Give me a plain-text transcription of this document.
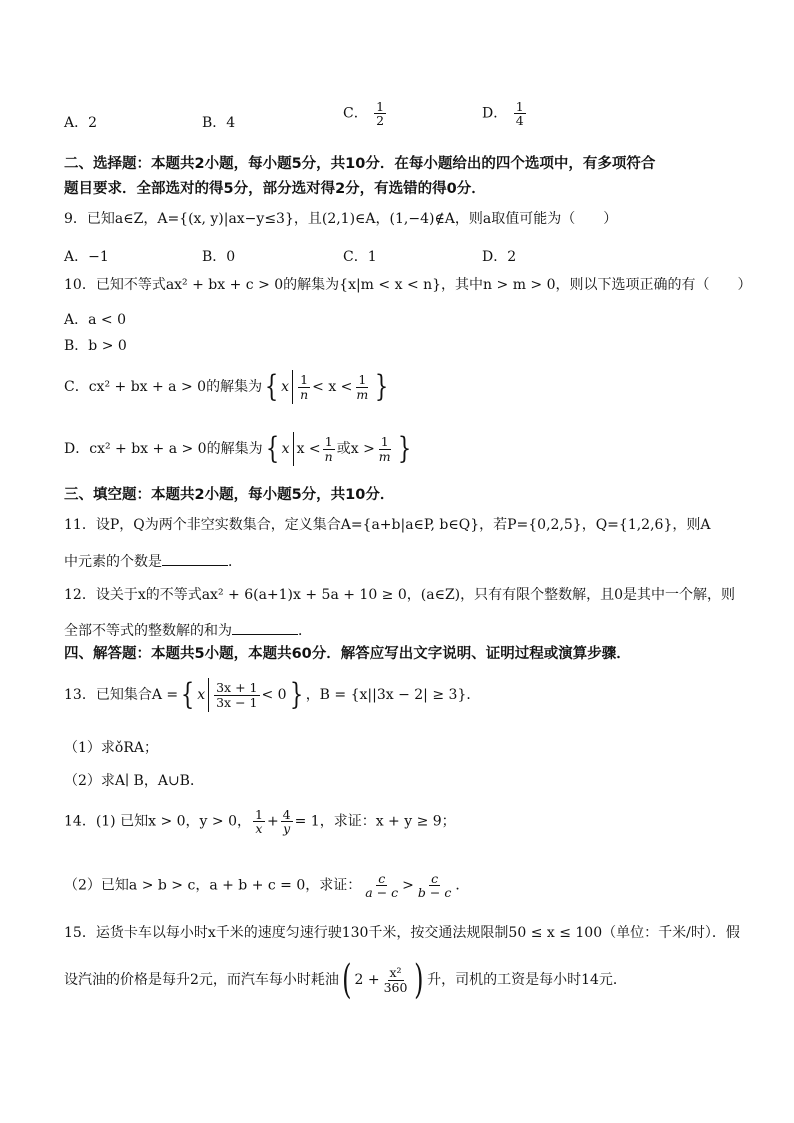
A．2	B．4
C． $\frac{1}{2}$	D． $\frac{1}{4}$
二、选择题：本题共2小题，每小题5分，共10分．在每小题给出的四个选项中，有多项符合
题目要求．全部选对的得5分，部分选对得2分，有选错的得0分．
9．已知a∈Z，A={(x, y)|ax−y≤3}，且(2,1)∈A，(1,−4)∉A，则a取值可能为（　　）
A．−1	B．0	C．1	D．2
10．已知不等式ax² + bx + c > 0的解集为{x|m < x < n}，其中n > m > 0，则以下选项正确的有（　　）
A．a < 0
B．b > 0
C．cx² + bx + a > 0的解集为{ x $\frac{1}{n} < x < \frac{1}{m}$ }
D．cx² + bx + a > 0的解集为{ x $x < \frac{1}{n}$ 或$x > \frac{1}{m}$ }
三、填空题：本题共2小题，每小题5分，共10分．
11．设P，Q为两个非空实数集合，定义集合A={a+b|a∈P, b∈Q}，若P={0,2,5}，Q={1,2,6}，则A
中元素的个数是	．
12．设关于x的不等式ax² + 6(a+1)x + 5a + 10 ≥ 0，(a∈Z)，只有有限个整数解，且0是其中一个解，则
全部不等式的整数解的和为	．
四、解答题：本题共5小题，本题共60分．解答应写出文字说明、证明过程或演算步骤．
13．已知集合A ={ x $\frac{3x + 1}{3x - 1} < 0$} ，B = {x||3x − 2| ≥ 3}．
（1）求ǒRA；
（2）求A∣ B，A∪B．
14．(1) 已知x > 0，y > 0， $\frac{1}{x} + \frac{4}{y} = 1$，求证：x + y ≥ 9；
（2）已知a > b > c，a + b + c = 0，求证： $\frac{c}{a - c} > \frac{c}{b - c}$ ．
15．运货卡车以每小时x千米的速度匀速行驶130千米，按交通法规限制50 ≤ x ≤ 100（单位：千米/时）．假
设汽油的价格是每升2元，而汽车每小时耗油( $2 + \frac{\text{x²}}{360}$ ) 升，司机的工资是每小时14元．
